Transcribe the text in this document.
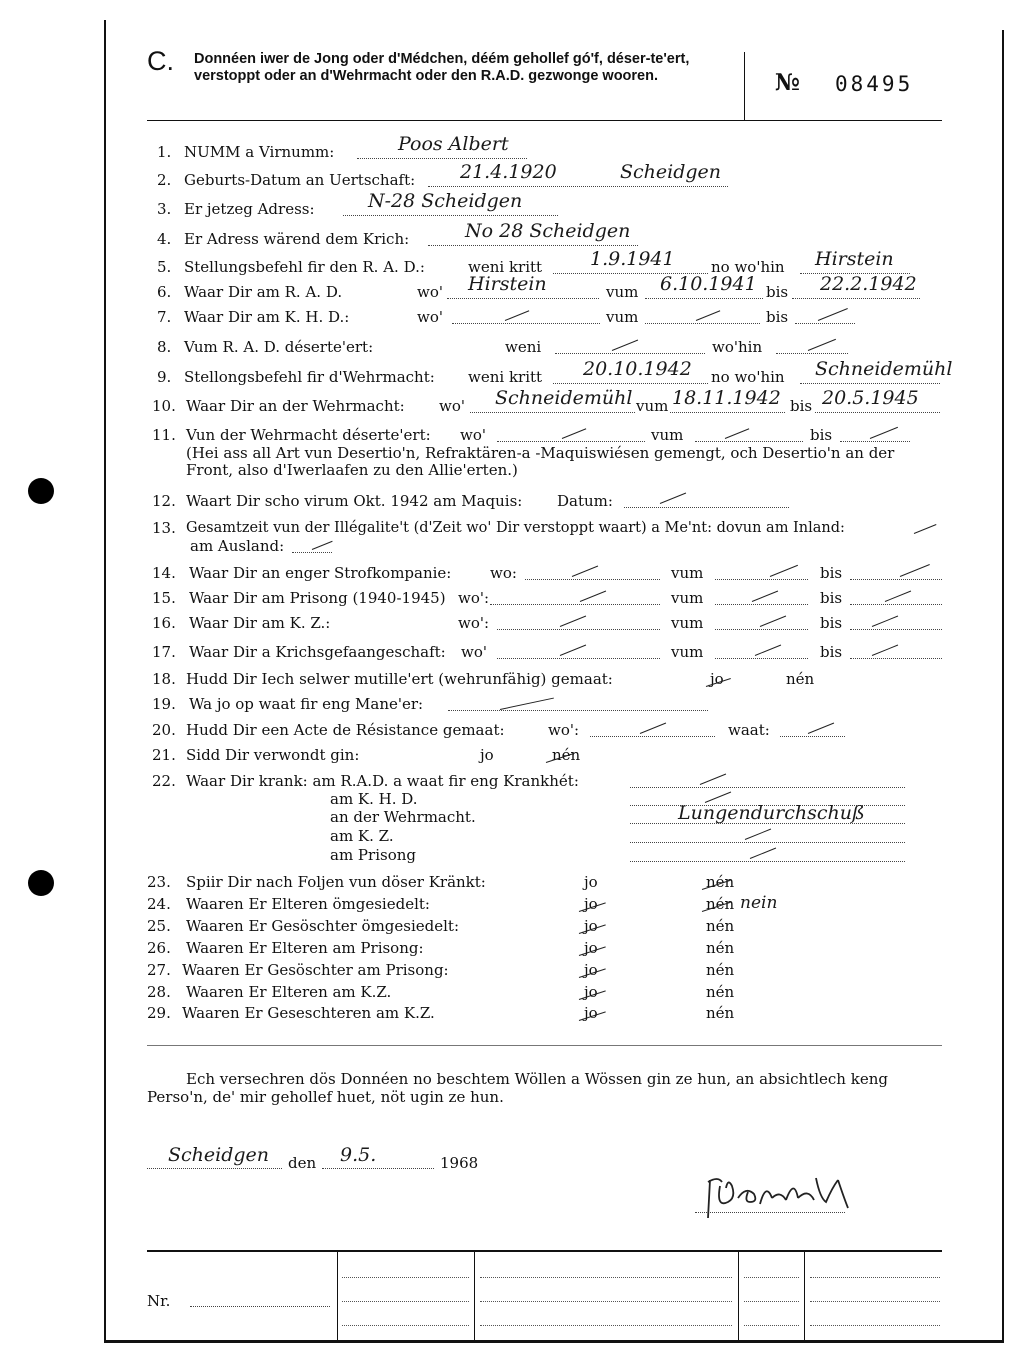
C. Donnéen iwer de Jong oder d'Médchen, déém gehollef gó'f, déser-te'ert, verstoppt oder an d'Wehrmacht oder den R.A.D. gezwonge wooren.	№ 08495
1. NUMM a Virnumm:	Poos Albert
2. Geburts-Datum an Uertschaft: 21.4.1920	Scheidgen
3. Er jetzeg Adress:	N-28 Scheidgen
4. Er Adress wärend dem Krich:	No 28 Scheidgen
5. Stellungsbefehl fir den R. A. D.:	weni kritt	1.9.1941 no wo'hin Hirstein
6. Waar Dir am R. A. D.	wo' Hirstein	vum 6.10.1941 bis 22.2.1942
7. Waar Dir am K. H. D.:	wo'	vum	bis
8. Vum R. A. D. déserte'ert:	weni	wo'hin
9. Stellongsbefehl fir d'Wehrmacht: weni kritt 20.10.1942 no wo'hin Schneidemühl
10. Waar Dir an der Wehrmacht: wo' Schneidemühl vum 18.11.1942 bis 20.5.1945
11. Vun der Wehrmacht déserte'ert: wo'	vum	bis
(Hei ass all Art vun Desertio'n, Refraktären-a -Maquiswiésen gemengt, och Desertio'n an der
Front, also d'Iwerlaafen zu den Allie'erten.)
12. Waart Dir scho virum Okt. 1942 am Maquis: Datum:
13. Gesamtzeit vun der Illégalite't (d'Zeit wo' Dir verstoppt waart) a Me'nt: dovun am Inland:
am Ausland:
14. Waar Dir an enger Strofkompanie:	wo:	vum	bis
15. Waar Dir am Prisong (1940-1945) wo':	vum	bis
16. Waar Dir am K. Z.:	wo':	vum	bis
17. Waar Dir a Krichsgefaangeschaft: wo'	vum	bis
18. Hudd Dir Iech selwer mutille'ert (wehrunfähig) gemaat:	jo	nén
19. Wa jo op waat fir eng Mane'er:
20. Hudd Dir een Acte de Résistance gemaat:	wo':	waat:
21. Sidd Dir verwondt gin:	jo	nén
22. Waar Dir krank: am R.A.D. a waat fir eng Krankhét:
am K. H. D.
an der Wehrmacht.	Lungendurchschuß
am K. Z.
am Prisong
23. Spiir Dir nach Foljen vun döser Kränkt:	jo	nén
24. Waaren Er Elteren ömgesiedelt:	jo	nén nein
25. Waaren Er Gesöschter ömgesiedelt:	jo	nén
26. Waaren Er Elteren am Prisong:	jo	nén
27. Waaren Er Gesöschter am Prisong:	jo	nén
28. Waaren Er Elteren am K.Z.	jo	nén
29. Waaren Er Geseschteren am K.Z.	jo	nén
Ech versechren dös Donnéen no beschtem Wöllen a Wössen gin ze hun, an absichtlech keng
Perso'n, de' mir gehollef huet, nöt ugin ze hun.
Scheidgen den 9.5.	1968
Nr.
